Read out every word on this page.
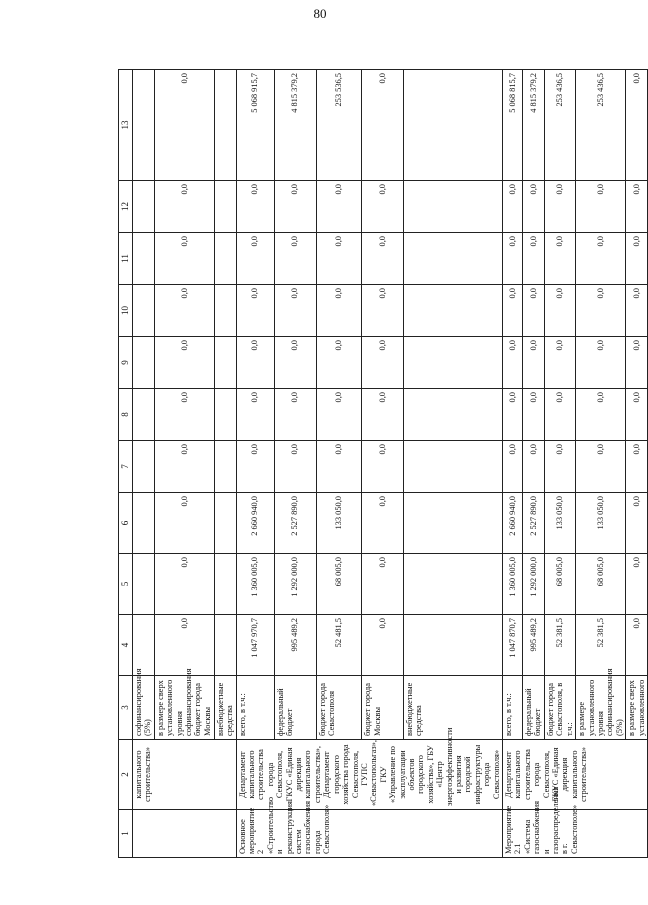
80
1	2	3	4	5	6	7	8	9	10	11	12	13
	капитального строительства»	софинансирования (5%)										
		в размере сверх установленного уровня софинансирования бюджет города Москвы	0,0	0,0	0,0	0,0	0,0	0,0	0,0	0,0	0,0	0,0
		внебюджетные средства										
Основное мероприятие 2 «Строительство и реконструкция систем газоснабжения города Севастополя»	Департамент капитального строительства города Севастополя, ГКУС «Единая дирекция капитального строительства», Департамент городского хозяйства города Севастополя, ГУПС «Севастопольгаз», ГКУ «Управление по эксплуатации объектов городского хозяйства», ГБУ «Центр энергоэффективности и развития городской инфраструктуры города Севастополя»	всего, в т.ч.:	1 047 970,7	1 360 005,0	2 660 940,0	0,0	0,0	0,0	0,0	0,0	0,0	5 068 915,7
		федеральный бюджет	995 489,2	1 292 000,0	2 527 890,0	0,0	0,0	0,0	0,0	0,0	0,0	4 815 379,2
		бюджет города Севастополя	52 481,5	68 005,0	133 050,0	0,0	0,0	0,0	0,0	0,0	0,0	253 536,5
		бюджет города Москвы	0,0	0,0	0,0	0,0	0,0	0,0	0,0	0,0	0,0	0,0
		внебюджетные средства										
Мероприятие 2.1 «Система газоснабжения и газораспределения в г. Севастополе»	Департамент капитального строительства города Севастополя, ГКУС «Единая дирекция капитального строительства»	всего, в т.ч.:	1 047 870,7	1 360 005,0	2 660 940,0	0,0	0,0	0,0	0,0	0,0	0,0	5 068 815,7
		федеральный бюджет	995 489,2	1 292 000,0	2 527 890,0	0,0	0,0	0,0	0,0	0,0	0,0	4 815 379,2
		бюджет города Севастополя, в т.ч.:	52 381,5	68 005,0	133 050,0	0,0	0,0	0,0	0,0	0,0	0,0	253 436,5
		в размере установленного уровня софинансирования (5%)	52 381,5	68 005,0	133 050,0	0,0	0,0	0,0	0,0	0,0	0,0	253 436,5
		в размере сверх установленного	0,0	0,0	0,0	0,0	0,0	0,0	0,0	0,0	0,0	0,0
